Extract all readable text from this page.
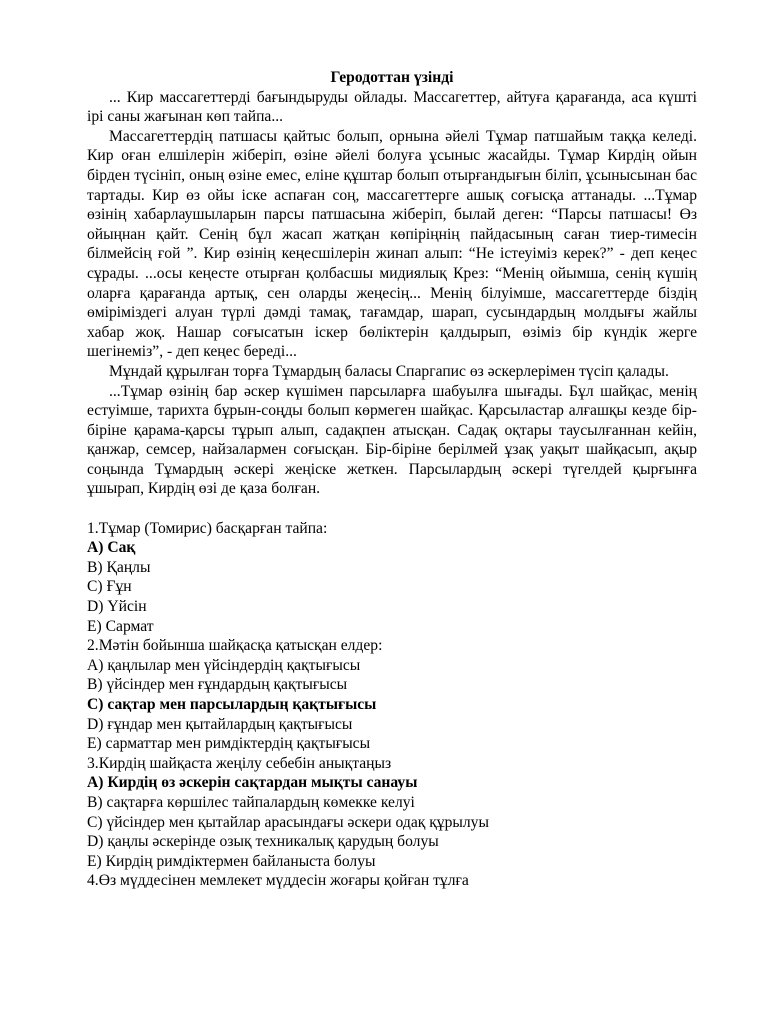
Геродоттан үзінді

... Кир массагеттерді бағындыруды ойлады. Массагеттер, айтуға қарағанда, аса күшті ірі саны жағынан көп тайпа...

Массагеттердің патшасы қайтыс болып, орнына әйелі Тұмар патшайым таққа келеді. Кир оған елшілерін жіберіп, өзіне әйелі болуға ұсыныс жасайды. Тұмар Кирдің ойын бірден түсініп, оның өзіне емес, еліне құштар болып отырғандығын біліп, ұсынысынан бас тартады. Кир өз ойы іске аспаған соң, массагеттерге ашық соғысқа аттанады. ...Тұмар өзінің хабарлаушыларын парсы патшасына жіберіп, былай деген: “Парсы патшасы! Өз ойыңнан қайт. Сенің бұл жасап жатқан көпіріңнің пайдасының саған тиер-тимесін білмейсің ғой ”. Кир өзінің кеңесшілерін жинап алып: “Не істеуіміз керек?” - деп кеңес сұрады. ...осы кеңесте отырған қолбасшы мидиялық Крез: “Менің ойымша, сенің күшің оларға қарағанда артық, сен оларды жеңесің... Менің білуімше, массагеттерде біздің өміріміздегі алуан түрлі дәмді тамақ, тағамдар, шарап, сусындардың молдығы жайлы хабар жоқ. Нашар соғысатын іскер бөліктерін қалдырып, өзіміз бір күндік жерге шегінеміз”, - деп кеңес береді...

Мұндай құрылған торға Тұмардың баласы Спаргапис өз әскерлерімен түсіп қалады.

...Тұмар өзінің бар әскер күшімен парсыларға шабуылға шығады. Бұл шайқас, менің естуімше, тарихта бұрын-соңды болып көрмеген шайқас. Қарсыластар алғашқы кезде бір-біріне қарама-қарсы тұрып алып, садақпен атысқан. Садақ оқтары таусылғаннан кейін, қанжар, семсер, найзалармен соғысқан. Бір-біріне берілмей ұзақ уақыт шайқасып, ақыр соңында Тұмардың әскері жеңіске жеткен. Парсылардың әскері түгелдей қырғынға ұшырап, Кирдің өзі де қаза болған.

1.Тұмар (Томирис) басқарған тайпа:

A) Сақ

B) Қаңлы

C) Ғұн

D) Үйсін

E) Сармат

2.Мәтін бойынша шайқасқа қатысқан елдер:

A) қаңлылар мен үйсіндердің қақтығысы

B) үйсіндер мен ғұндардың қақтығысы

C) сақтар мен парсылардың қақтығысы

D) ғұндар мен қытайлардың қақтығысы

E) сарматтар мен римдіктердің қақтығысы

3.Кирдің шайқаста жеңілу себебін анықтаңыз

A) Кирдің өз әскерін сақтардан мықты санауы

B) сақтарға көршілес тайпалардың көмекке келуі

C) үйсіндер мен қытайлар арасындағы әскери одақ құрылуы

D) қаңлы әскерінде озық техникалық қарудың болуы

E) Кирдің римдіктермен байланыста болуы

4.Өз мүддесінен мемлекет мүддесін жоғары қойған тұлға
